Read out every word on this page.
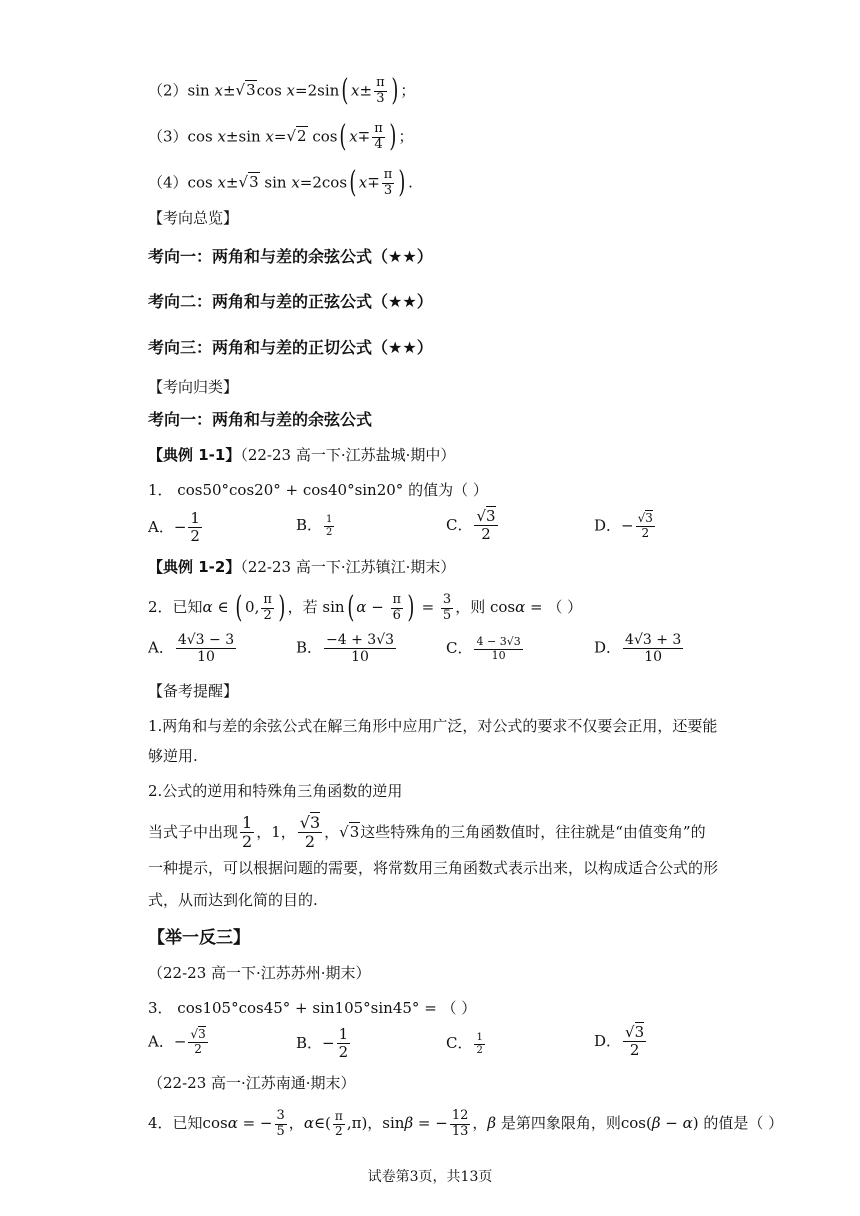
（2）sin x±√3cos x=2sin( $x\pm \frac{\pi}{3}$ ) ；
（3）cos x±sin x=√2 cos( $x\mp \frac{\pi}{4}$ ) ；
（4）cos x±√3 sin x=2cos( $x\mp \frac{\pi}{3}$ ) .
【考向总览】
考向一：两角和与差的余弦公式（★★）
考向二：两角和与差的正弦公式（★★）
考向三：两角和与差的正切公式（★★）
【考向归类】
考向一：两角和与差的余弦公式
【典例 1-1】（22-23 高一下·江苏盐城·期中）
1． cos50°cos20° + cos40°sin20° 的值为（ ）
A．− $\frac{1}{2}$	B． $\frac{1}{2}$	C． $\frac{√3}{2}$	D．− $\frac{√3}{2}$
【典例 1-2】（22-23 高一下·江苏镇江·期末）
2．已知α ∈ ( 0, $\frac{\pi}{2}$ ) ，若 sin( $\alpha - \frac{\pi}{6}$ ) = $\frac{3}{5}$ ，则 cosα = （ ）
A． $\frac{4√3 - 3}{10}$	B． $\frac{-4 + 3√3}{10}$	C． $\frac{4 - 3√3}{10}$	D． $\frac{4√3 + 3}{10}$
【备考提醒】
1.两角和与差的余弦公式在解三角形中应用广泛，对公式的要求不仅要会正用，还要能够逆用.
2.公式的逆用和特殊角三角函数的逆用
当式子中出现 $\frac{1}{2}$ ，1， $\frac{√3}{2}$ ，√3这些特殊角的三角函数值时，往往就是“由值变角”的一种提示，可以根据问题的需要，将常数用三角函数式表示出来，以构成适合公式的形式，从而达到化简的目的.
【举一反三】
（22-23 高一下·江苏苏州·期末）
3． cos105°cos45° + sin105°sin45° = （ ）
A．− $\frac{√3}{2}$	B．− $\frac{1}{2}$	C． $\frac{1}{2}$	D． $\frac{√3}{2}$
（22-23 高一·江苏南通·期末）
4．已知cosα = − $\frac{3}{5}$ ，α∈( $\frac{\pi}{2} ,\pi$)，sinβ = − $\frac{12}{13}$ ，β 是第四象限角，则cos(β − α) 的值是（ ）
试卷第3页，共13页
